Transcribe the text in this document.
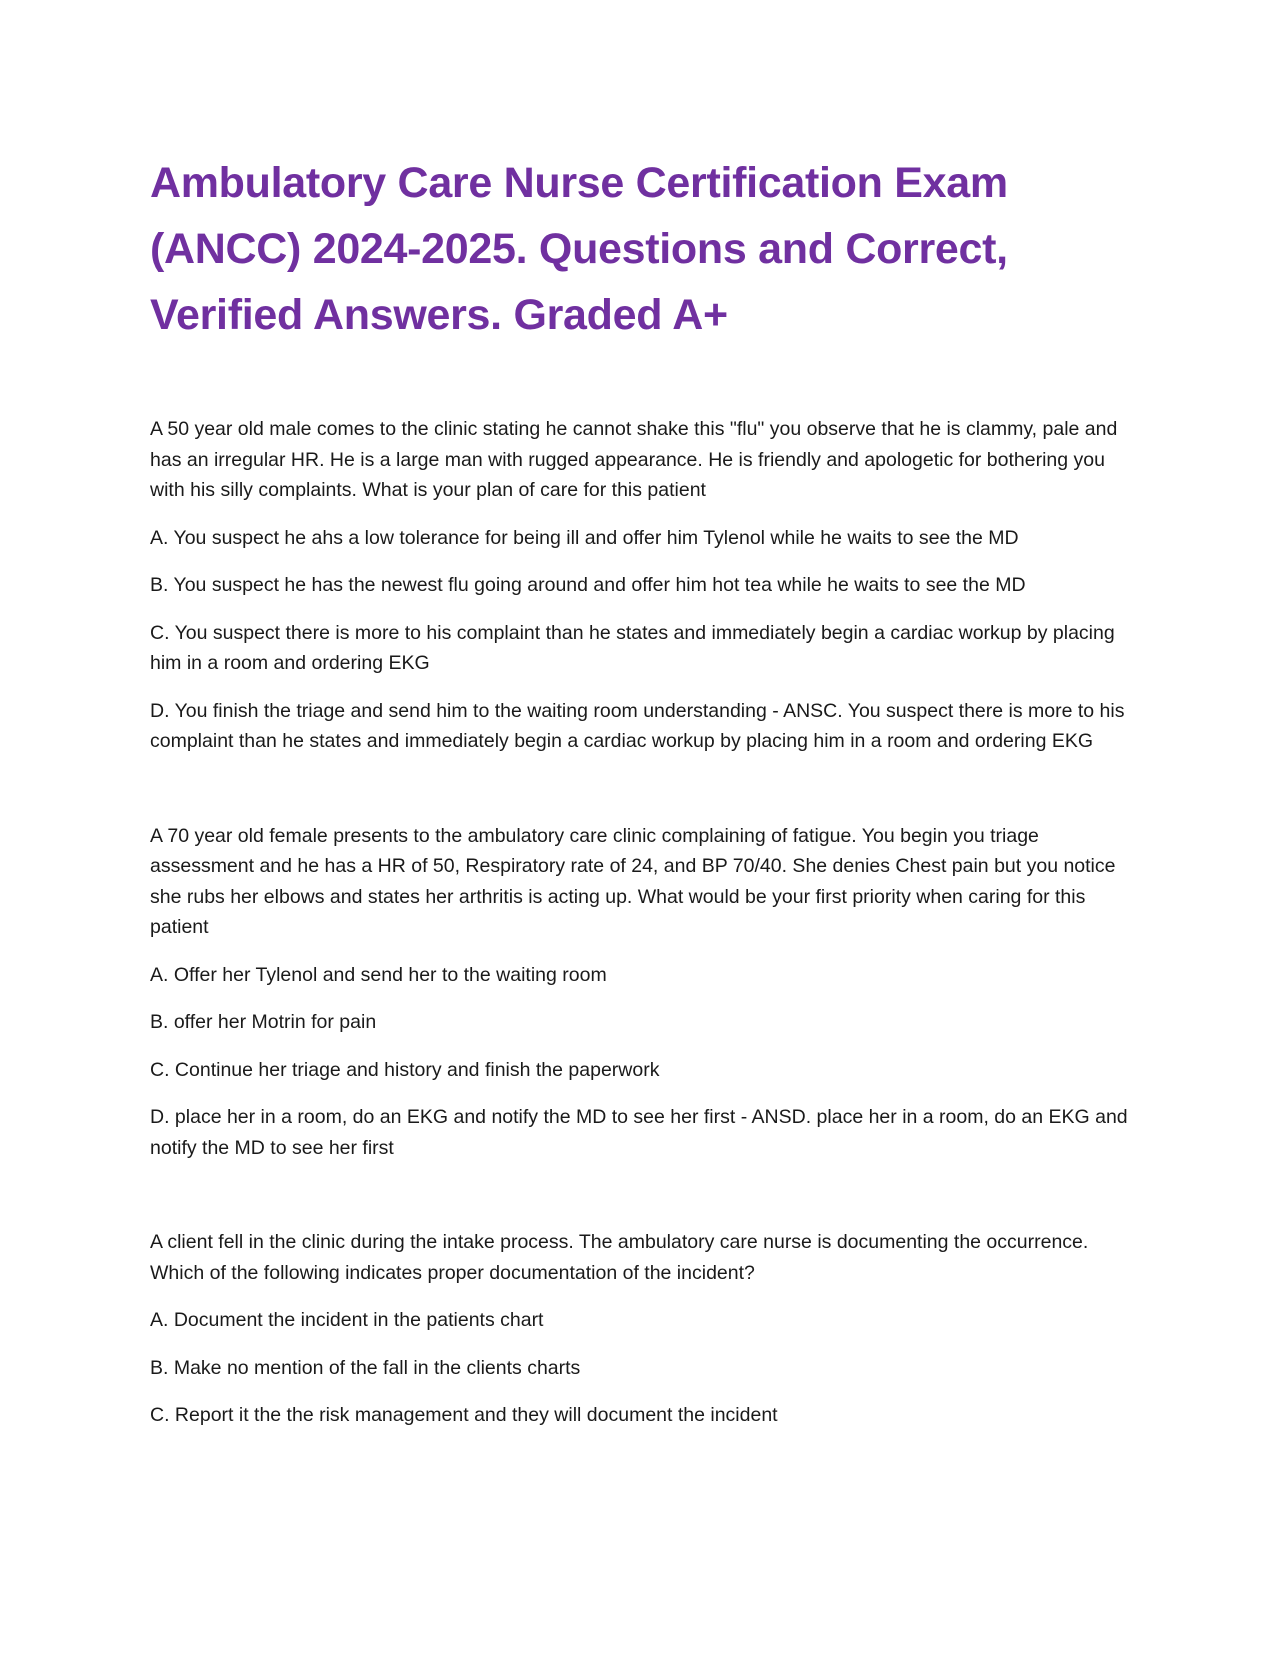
Ambulatory Care Nurse Certification Exam (ANCC) 2024-2025. Questions and Correct, Verified Answers. Graded A+

A 50 year old male comes to the clinic stating he cannot shake this "flu" you observe that he is clammy, pale and has an irregular HR. He is a large man with rugged appearance. He is friendly and apologetic for bothering you with his silly complaints. What is your plan of care for this patient

A. You suspect he ahs a low tolerance for being ill and offer him Tylenol while he waits to see the MD

B. You suspect he has the newest flu going around and offer him hot tea while he waits to see the MD

C. You suspect there is more to his complaint than he states and immediately begin a cardiac workup by placing him in a room and ordering EKG

D. You finish the triage and send him to the waiting room understanding - ANSC. You suspect there is more to his complaint than he states and immediately begin a cardiac workup by placing him in a room and ordering EKG

A 70 year old female presents to the ambulatory care clinic complaining of fatigue. You begin you triage assessment and he has a HR of 50, Respiratory rate of 24, and BP 70/40. She denies Chest pain but you notice she rubs her elbows and states her arthritis is acting up. What would be your first priority when caring for this patient

A. Offer her Tylenol and send her to the waiting room

B. offer her Motrin for pain

C. Continue her triage and history and finish the paperwork

D. place her in a room, do an EKG and notify the MD to see her first - ANSD. place her in a room, do an EKG and notify the MD to see her first

A client fell in the clinic during the intake process. The ambulatory care nurse is documenting the occurrence. Which of the following indicates proper documentation of the incident?

A. Document the incident in the patients chart

B. Make no mention of the fall in the clients charts

C. Report it the the risk management and they will document the incident
